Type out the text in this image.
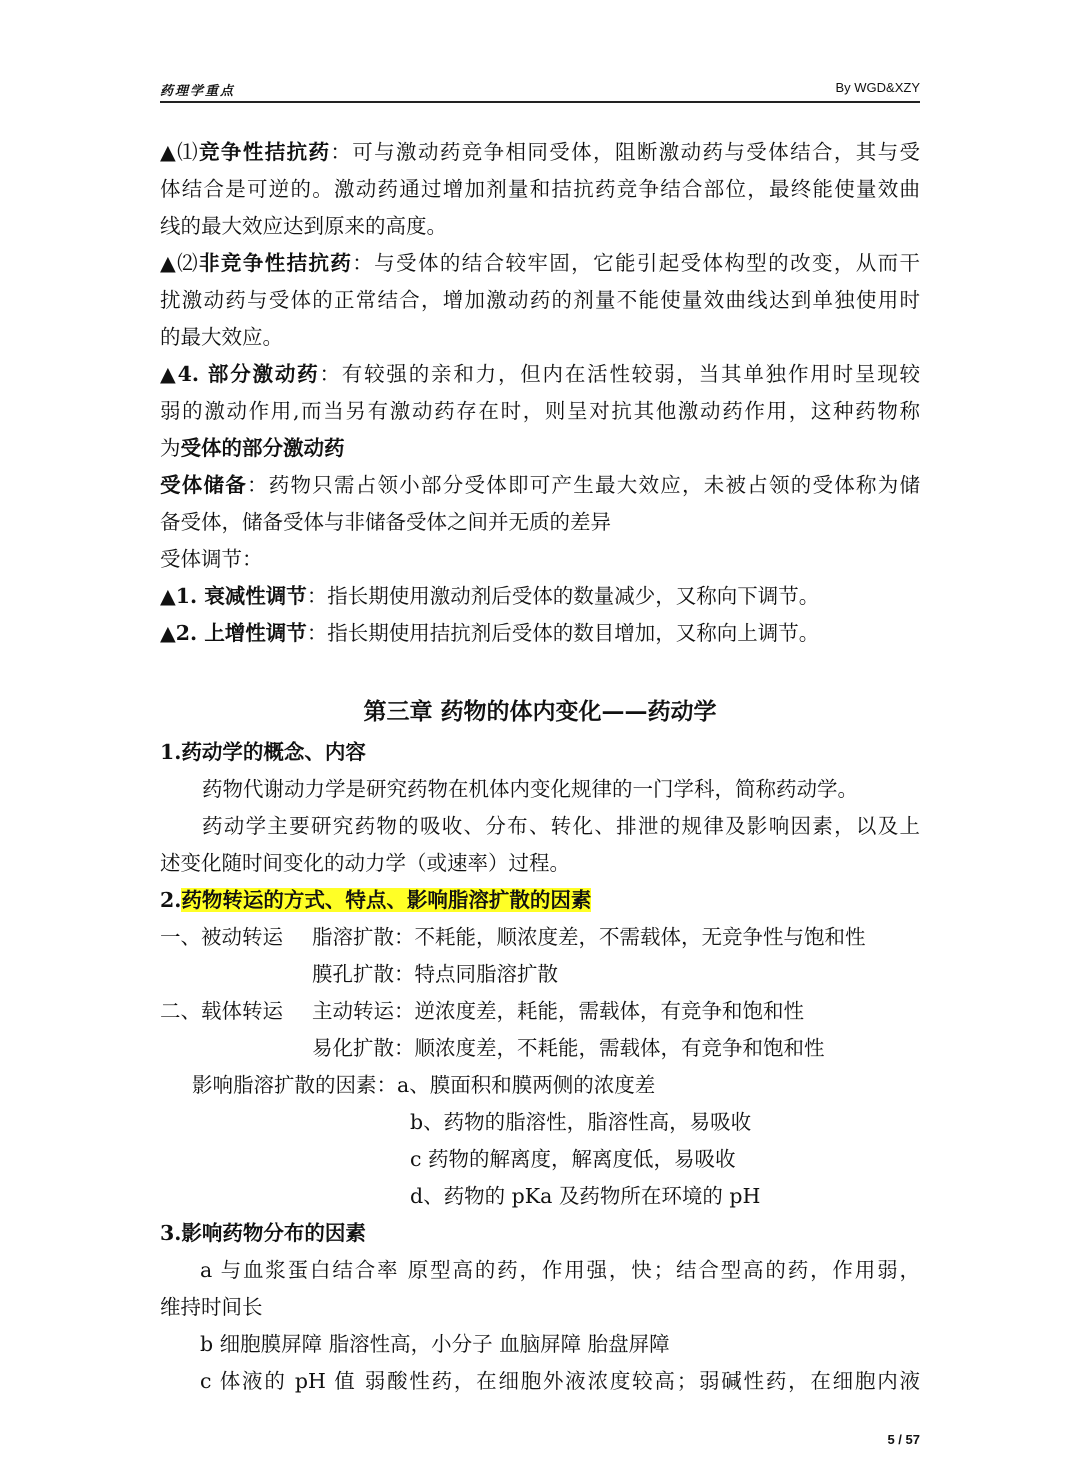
药理学重点	By WGD&XZY
▲⑴竞争性拮抗药：可与激动药竞争相同受体，阻断激动药与受体结合，其与受
体结合是可逆的。激动药通过增加剂量和拮抗药竞争结合部位，最终能使量效曲
线的最大效应达到原来的高度。
▲⑵非竞争性拮抗药：与受体的结合较牢固，它能引起受体构型的改变，从而干
扰激动药与受体的正常结合，增加激动药的剂量不能使量效曲线达到单独使用时
的最大效应。
▲4. 部分激动药：有较强的亲和力，但内在活性较弱，当其单独作用时呈现较
弱的激动作用,而当另有激动药存在时，则呈对抗其他激动药作用，这种药物称
为受体的部分激动药
受体储备：药物只需占领小部分受体即可产生最大效应，未被占领的受体称为储
备受体，储备受体与非储备受体之间并无质的差异
受体调节：
▲1. 衰减性调节：指长期使用激动剂后受体的数量减少，又称向下调节。
▲2. 上增性调节：指长期使用拮抗剂后受体的数目增加，又称向上调节。
第三章 药物的体内变化——药动学
1.药动学的概念、内容
药物代谢动力学是研究药物在机体内变化规律的一门学科，简称药动学。
药动学主要研究药物的吸收、分布、转化、排泄的规律及影响因素，以及上
述变化随时间变化的动力学（或速率）过程。
2.药物转运的方式、特点、影响脂溶扩散的因素
一、被动转运 脂溶扩散：不耗能，顺浓度差，不需载体，无竞争性与饱和性
膜孔扩散：特点同脂溶扩散
二、载体转运 主动转运：逆浓度差，耗能，需载体，有竞争和饱和性
易化扩散：顺浓度差，不耗能，需载体，有竞争和饱和性
影响脂溶扩散的因素：a、膜面积和膜两侧的浓度差
b、药物的脂溶性，脂溶性高，易吸收
c 药物的解离度，解离度低，易吸收
d、药物的 pKa 及药物所在环境的 pH
3.影响药物分布的因素
a 与血浆蛋白结合率 原型高的药，作用强，快；结合型高的药，作用弱，
维持时间长
b 细胞膜屏障 脂溶性高，小分子 血脑屏障 胎盘屏障
c 体液的 pH 值 弱酸性药，在细胞外液浓度较高；弱碱性药，在细胞内液
5 / 57
